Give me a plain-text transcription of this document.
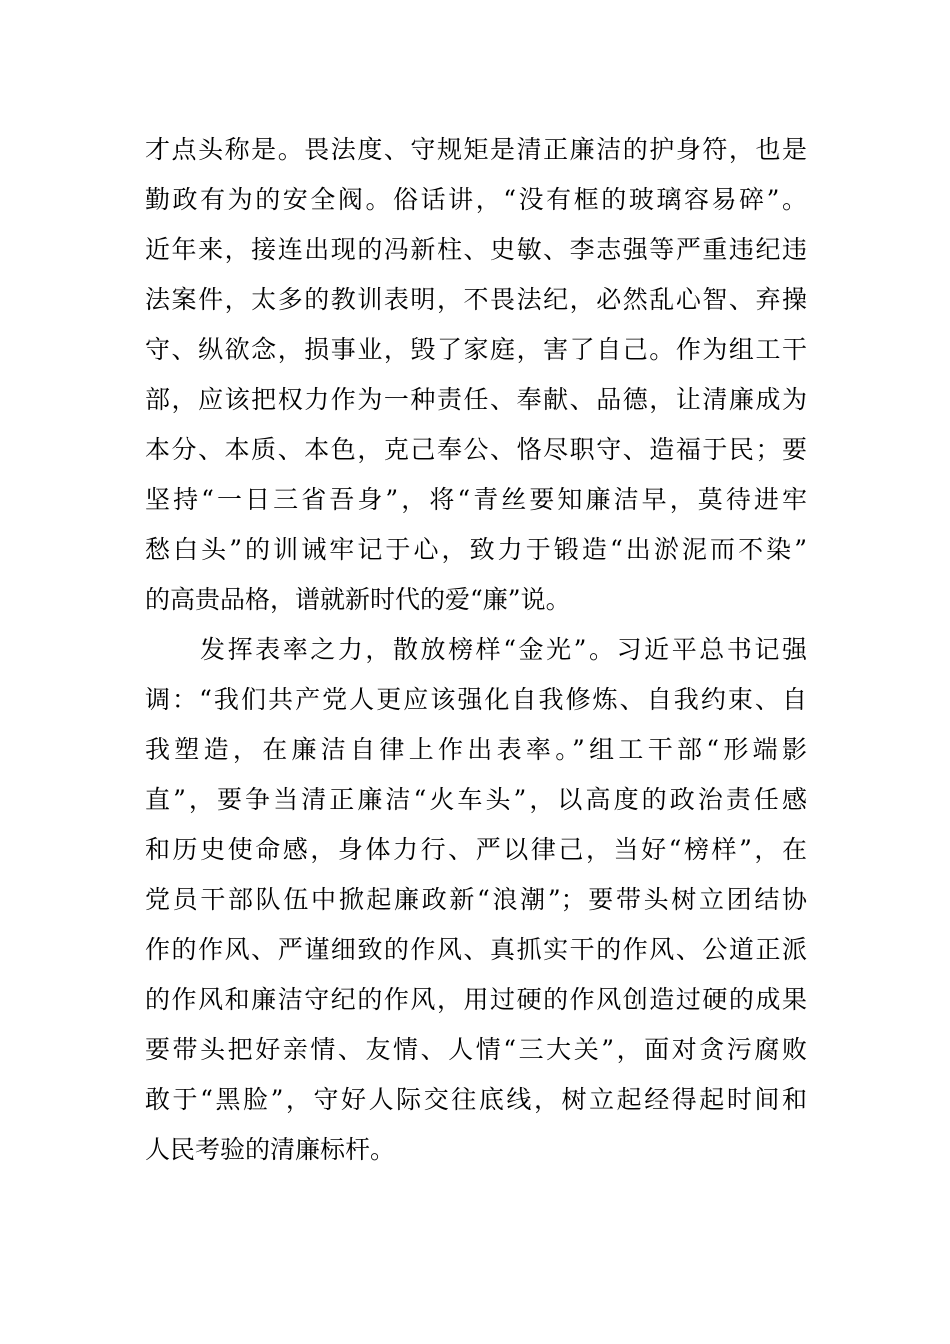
才点头称是。畏法度、守规矩是清正廉洁的护身符，也是
勤政有为的安全阀。俗话讲，“没有框的玻璃容易碎”。
近年来，接连出现的冯新柱、史敏、李志强等严重违纪违
法案件，太多的教训表明，不畏法纪，必然乱心智、弃操
守、纵欲念，损事业，毁了家庭，害了自己。作为组工干
部，应该把权力作为一种责任、奉献、品德，让清廉成为
本分、本质、本色，克己奉公、恪尽职守、造福于民；要
坚持“一日三省吾身”，将“青丝要知廉洁早，莫待进牢
愁白头”的训诫牢记于心，致力于锻造“出淤泥而不染”
的高贵品格，谱就新时代的爱“廉”说。
发挥表率之力，散放榜样“金光”。习近平总书记强
调：“我们共产党人更应该强化自我修炼、自我约束、自
我塑造，在廉洁自律上作出表率。”组工干部“形端影
直”，要争当清正廉洁“火车头”，以高度的政治责任感
和历史使命感，身体力行、严以律己，当好“榜样”，在
党员干部队伍中掀起廉政新“浪潮”；要带头树立团结协
作的作风、严谨细致的作风、真抓实干的作风、公道正派
的作风和廉洁守纪的作风，用过硬的作风创造过硬的成果
要带头把好亲情、友情、人情“三大关”，面对贪污腐败
敢于“黑脸”，守好人际交往底线，树立起经得起时间和
人民考验的清廉标杆。
